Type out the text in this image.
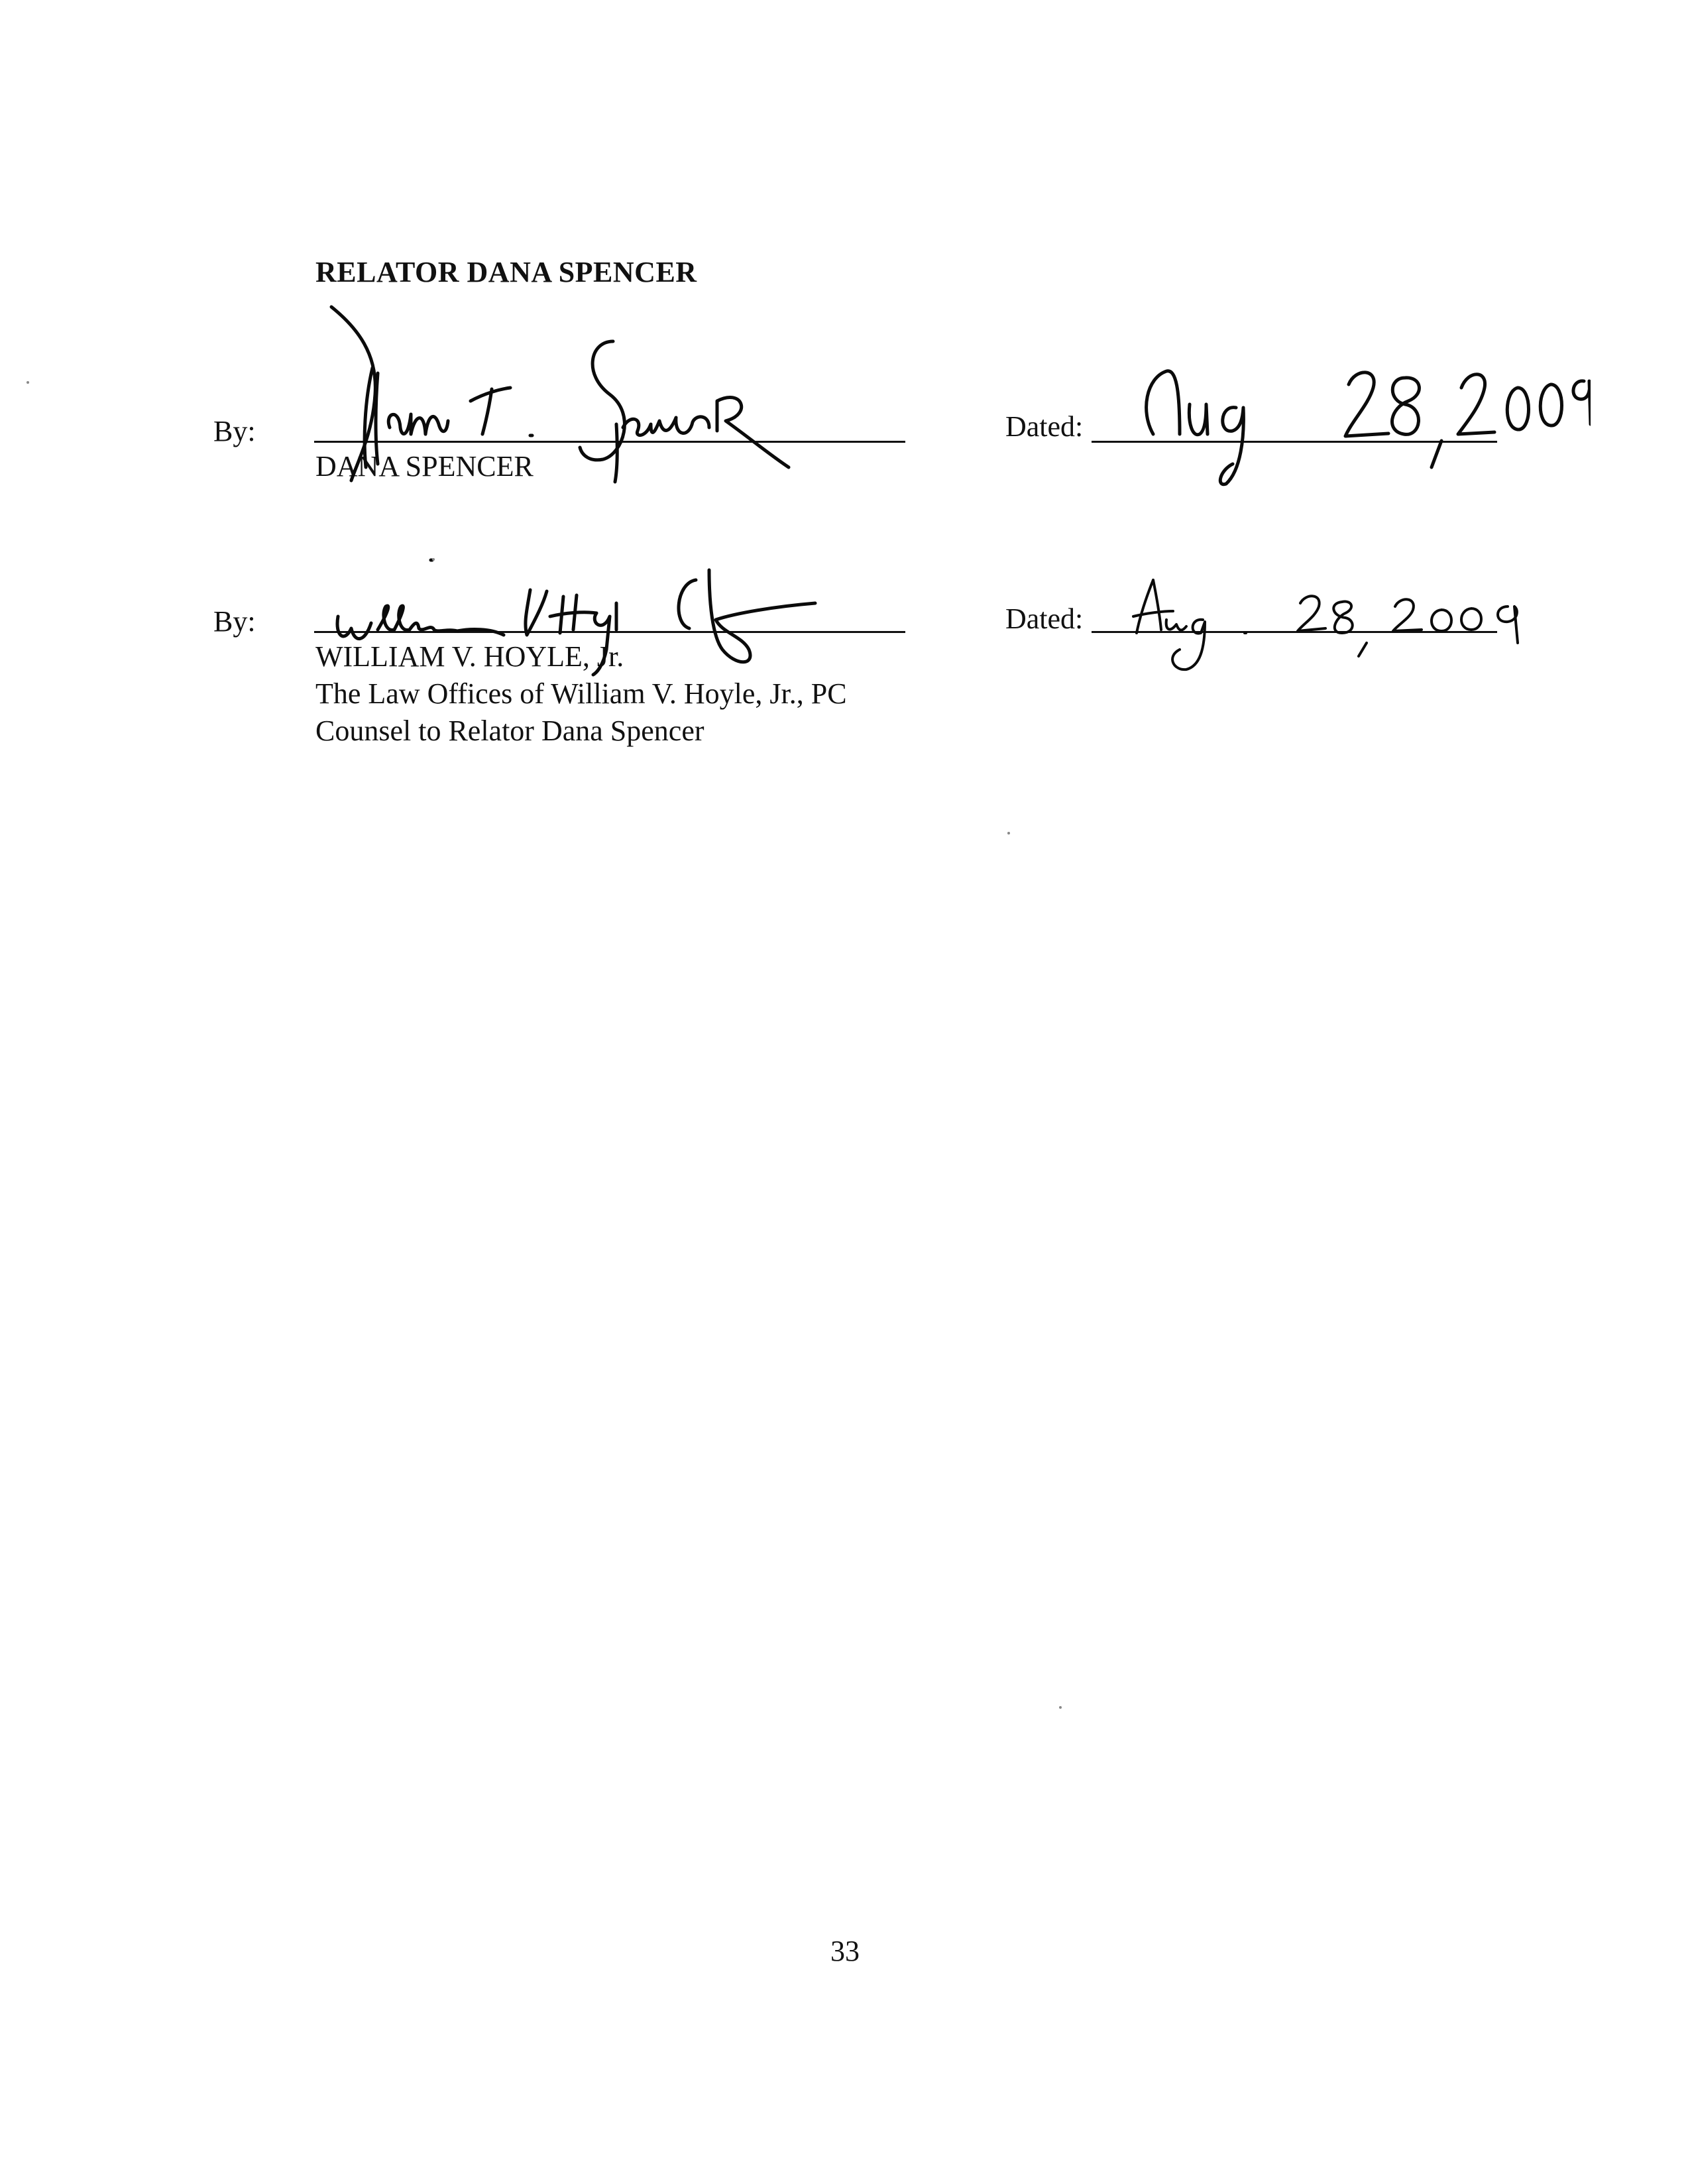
RELATOR DANA SPENCER
By:
DANA SPENCER
Dated:
By:
WILLIAM V. HOYLE, Jr.
The Law Offices of William V. Hoyle, Jr., PC
Counsel to Relator Dana Spencer
Dated:
33
